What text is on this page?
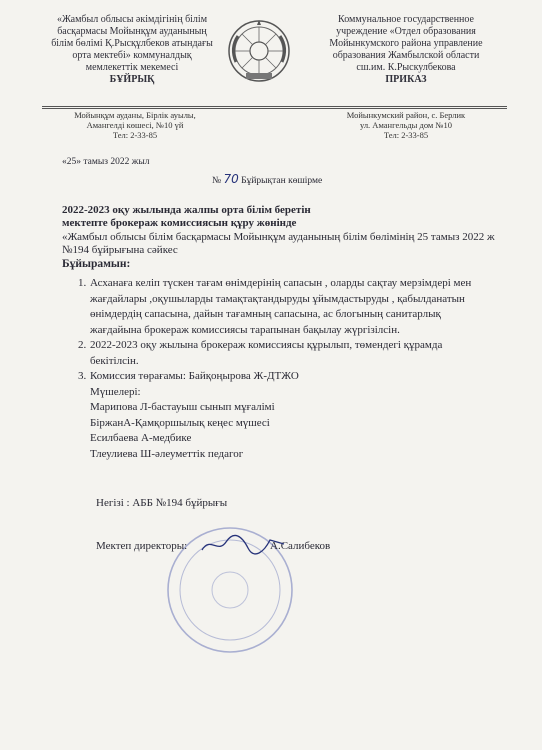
«Жамбыл облысы әкімдігінің білім
басқармасы Мойынқұм ауданының
білім бөлімі Қ.Рысқұлбеков атындағы
орта мектебі» коммуналдық
мемлекеттік мекемесі
БҰЙРЫҚ
Коммунальное государственное
учреждение «Отдел образования
Мойынкумского района управление
образования Жамбылской области
сш.им. К.Рыскулбекова
ПРИКАЗ
Мойынқұм ауданы, Бірлік ауылы,
Амангелді көшесі, №10 үй
Тел: 2-33-85
Мойынкумский район, с. Берлик
ул. Амангельды дом №10
Тел: 2-33-85
«25» тамыз 2022 жыл
№ 70 Бұйрықтан көшірме
2022-2023 оқу жылында жалпы орта білім беретін
мектепте брокераж комиссиясын құру жөнінде
«Жамбыл облысы білім басқармасы Мойынқұм ауданының білім бөлімінің 25 тамыз 2022 ж №194 бұйрығына сәйкес
Бұйырамын:
1. Асханаға келіп түскен тағам өнімдерінің сапасын , оларды сақтау мерзімдері мен жағдайлары ,оқушыларды тамақтақтандыруды ұйымдастыруды , қабылданатын өнімдердің сапасына, дайын тағамның сапасына, ас блогының санитарлық жағдайына брокераж комиссиясы тарапынан бақылау жүргізілсін.
2. 2022-2023 оқу жылына брокераж комиссиясы құрылып, төмендегі құрамда бекітілсін.
3. Комиссия төрағамы: Байқоңырова Ж-ДТЖО
Мүшелері:
Марипова Л-бастауыш сынып мұғалімі
БіржанА-Қамқоршылық кеңес мүшесі
Есилбаева А-медбике
Тлеулиева Ш-әлеуметтік педагог
Негізі : АББ №194 бұйрығы
Мектеп директоры:	А.Салибеков
